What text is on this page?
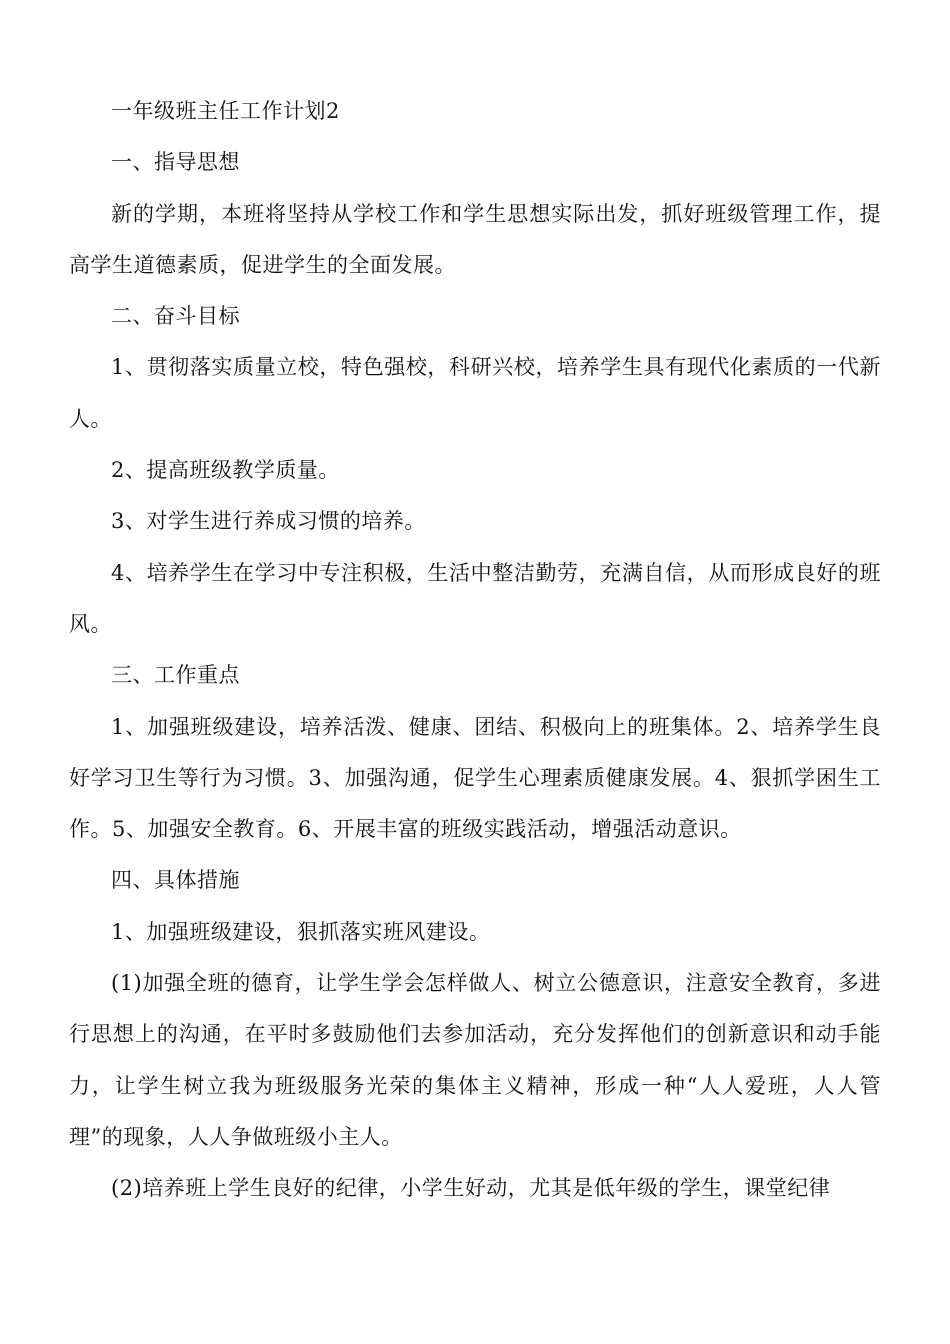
一年级班主任工作计划2

一、指导思想

新的学期，本班将坚持从学校工作和学生思想实际出发，抓好班级管理工作，提高学生道德素质，促进学生的全面发展。

二、奋斗目标

1、贯彻落实质量立校，特色强校，科研兴校，培养学生具有现代化素质的一代新人。

2、提高班级教学质量。

3、对学生进行养成习惯的培养。

4、培养学生在学习中专注积极，生活中整洁勤劳，充满自信，从而形成良好的班风。

三、工作重点

1、加强班级建设，培养活泼、健康、团结、积极向上的班集体。2、培养学生良好学习卫生等行为习惯。3、加强沟通，促学生心理素质健康发展。4、狠抓学困生工作。5、加强安全教育。6、开展丰富的班级实践活动，增强活动意识。

四、具体措施

1、加强班级建设，狠抓落实班风建设。

(1)加强全班的德育，让学生学会怎样做人、树立公德意识，注意安全教育，多进行思想上的沟通，在平时多鼓励他们去参加活动，充分发挥他们的创新意识和动手能力，让学生树立我为班级服务光荣的集体主义精神，形成一种“人人爱班，人人管理”的现象，人人争做班级小主人。

(2)培养班上学生良好的纪律，小学生好动，尤其是低年级的学生，课堂纪律
